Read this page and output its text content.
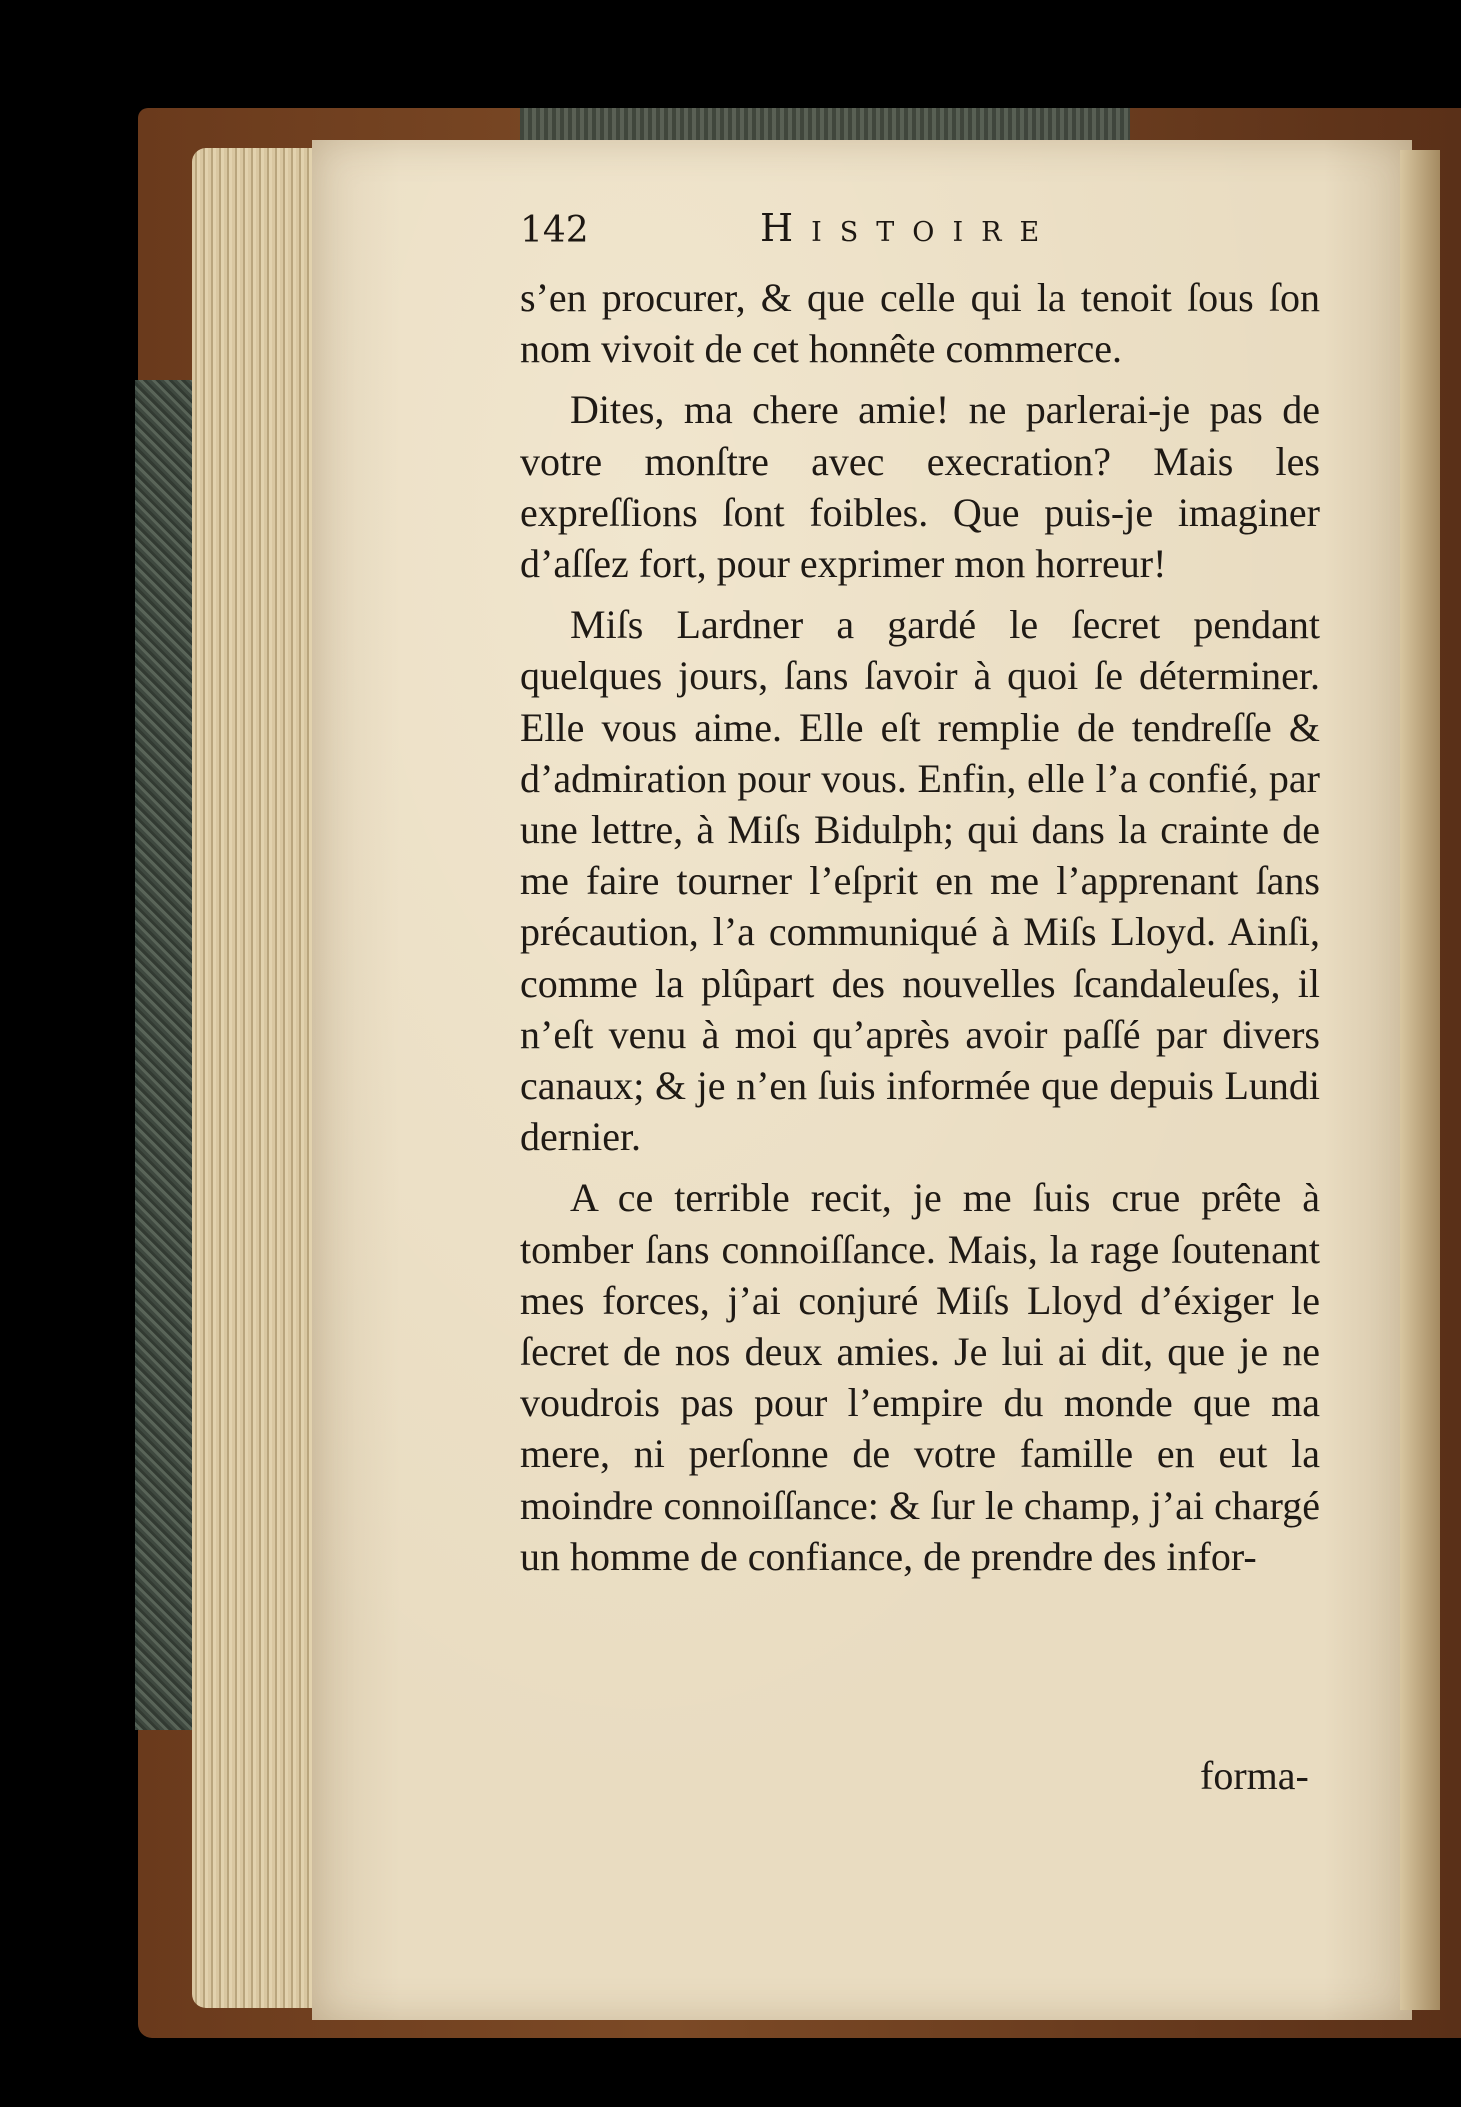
142	Histoire

s’en procurer, & que celle qui la tenoit ſous ſon nom vivoit de cet honnête commerce.

Dites, ma chere amie! ne parlerai-je pas de votre monſtre avec execration? Mais les expreſſions ſont foibles. Que puis-je imaginer d’aſſez fort, pour exprimer mon horreur!

Miſs Lardner a gardé le ſecret pendant quelques jours, ſans ſavoir à quoi ſe déterminer. Elle vous aime. Elle eſt remplie de tendreſſe & d’admiration pour vous. Enfin, elle l’a confié, par une lettre, à Miſs Bidulph; qui dans la crainte de me faire tourner l’eſprit en me l’apprenant ſans précaution, l’a communiqué à Miſs Lloyd. Ainſi, comme la plûpart des nouvelles ſcandaleuſes, il n’eſt venu à moi qu’après avoir paſſé par divers canaux; & je n’en ſuis informée que depuis Lundi dernier.

A ce terrible recit, je me ſuis crue prête à tomber ſans connoiſſance. Mais, la rage ſoutenant mes forces, j’ai conjuré Miſs Lloyd d’éxiger le ſecret de nos deux amies. Je lui ai dit, que je ne voudrois pas pour l’empire du monde que ma mere, ni perſonne de votre famille en eut la moindre connoiſſance: & ſur le champ, j’ai chargé un homme de confiance, de prendre des infor-

forma-
